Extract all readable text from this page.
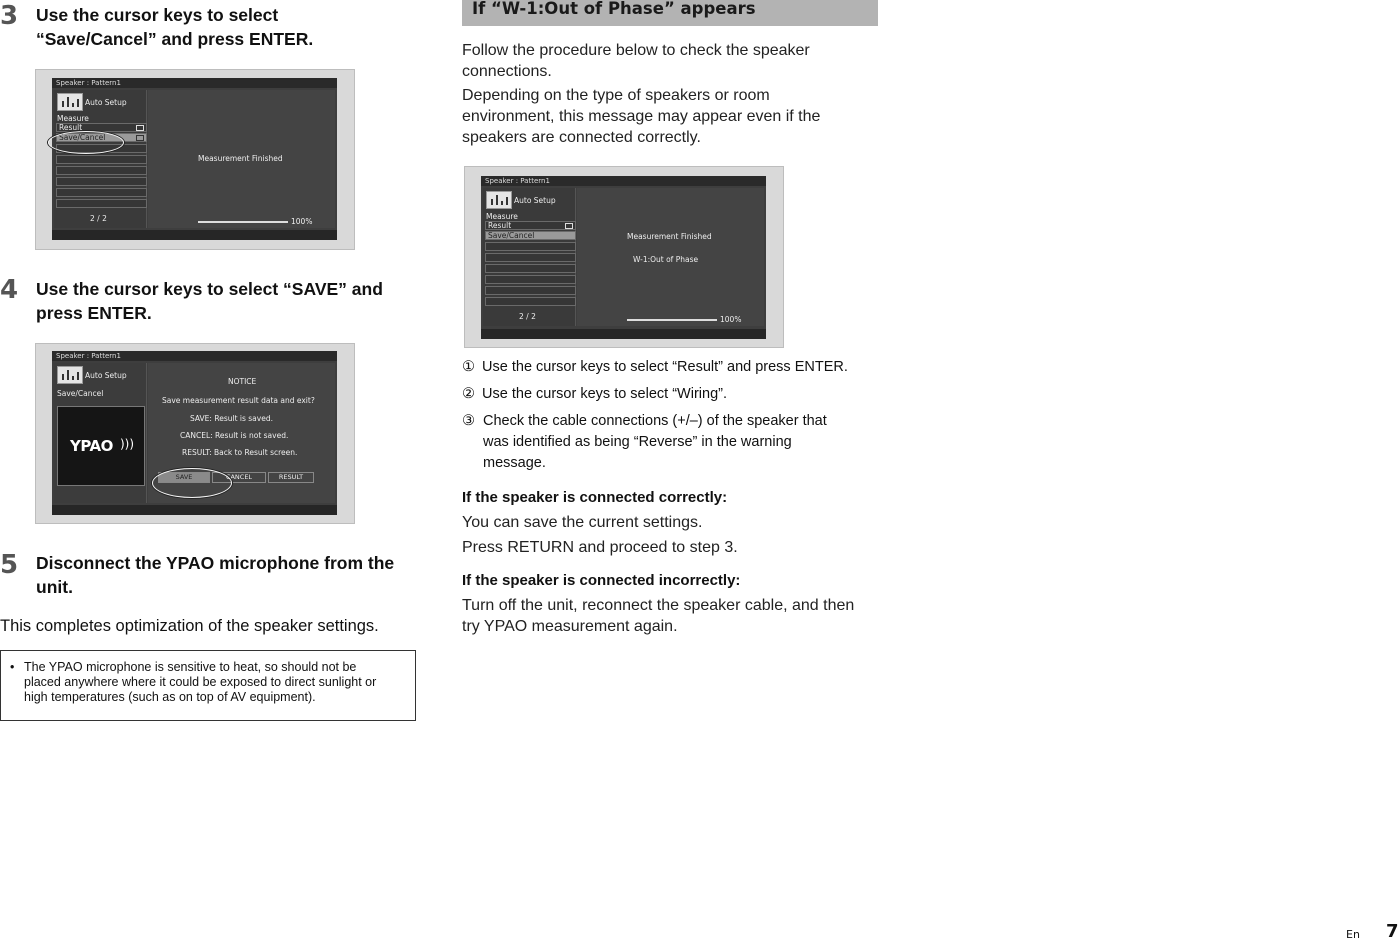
3 Use the cursor keys to select
“Save/Cancel” and press ENTER.
Speaker : Pattern1
Auto Setup
Measure
Result
Save/Cancel
2 / 2
Measurement Finished
100%
4 Use the cursor keys to select “SAVE” and
press ENTER.
Speaker : Pattern1
Auto Setup
Save/Cancel
YPAO )))
NOTICE
Save measurement result data and exit?
SAVE: Result is saved.
CANCEL: Result is not saved.
RESULT: Back to Result screen.
SAVE	CANCEL	RESULT
5 Disconnect the YPAO microphone from the
unit.
This completes optimization of the speaker settings.
• The YPAO microphone is sensitive to heat, so should not be
placed anywhere where it could be exposed to direct sunlight or
high temperatures (such as on top of AV equipment).
If “W-1:Out of Phase” appears
Follow the procedure below to check the speaker
connections.
Depending on the type of speakers or room
environment, this message may appear even if the
speakers are connected correctly.
Speaker : Pattern1
Auto Setup
Measure
Result
Save/Cancel
2 / 2
Measurement Finished
W-1:Out of Phase
100%
① Use the cursor keys to select “Result” and press ENTER.
② Use the cursor keys to select “Wiring”.
③ Check the cable connections (+/–) of the speaker that
was identified as being “Reverse” in the warning
message.
If the speaker is connected correctly:
You can save the current settings.
Press RETURN and proceed to step 3.
If the speaker is connected incorrectly:
Turn off the unit, reconnect the speaker cable, and then
try YPAO measurement again.
En 7
